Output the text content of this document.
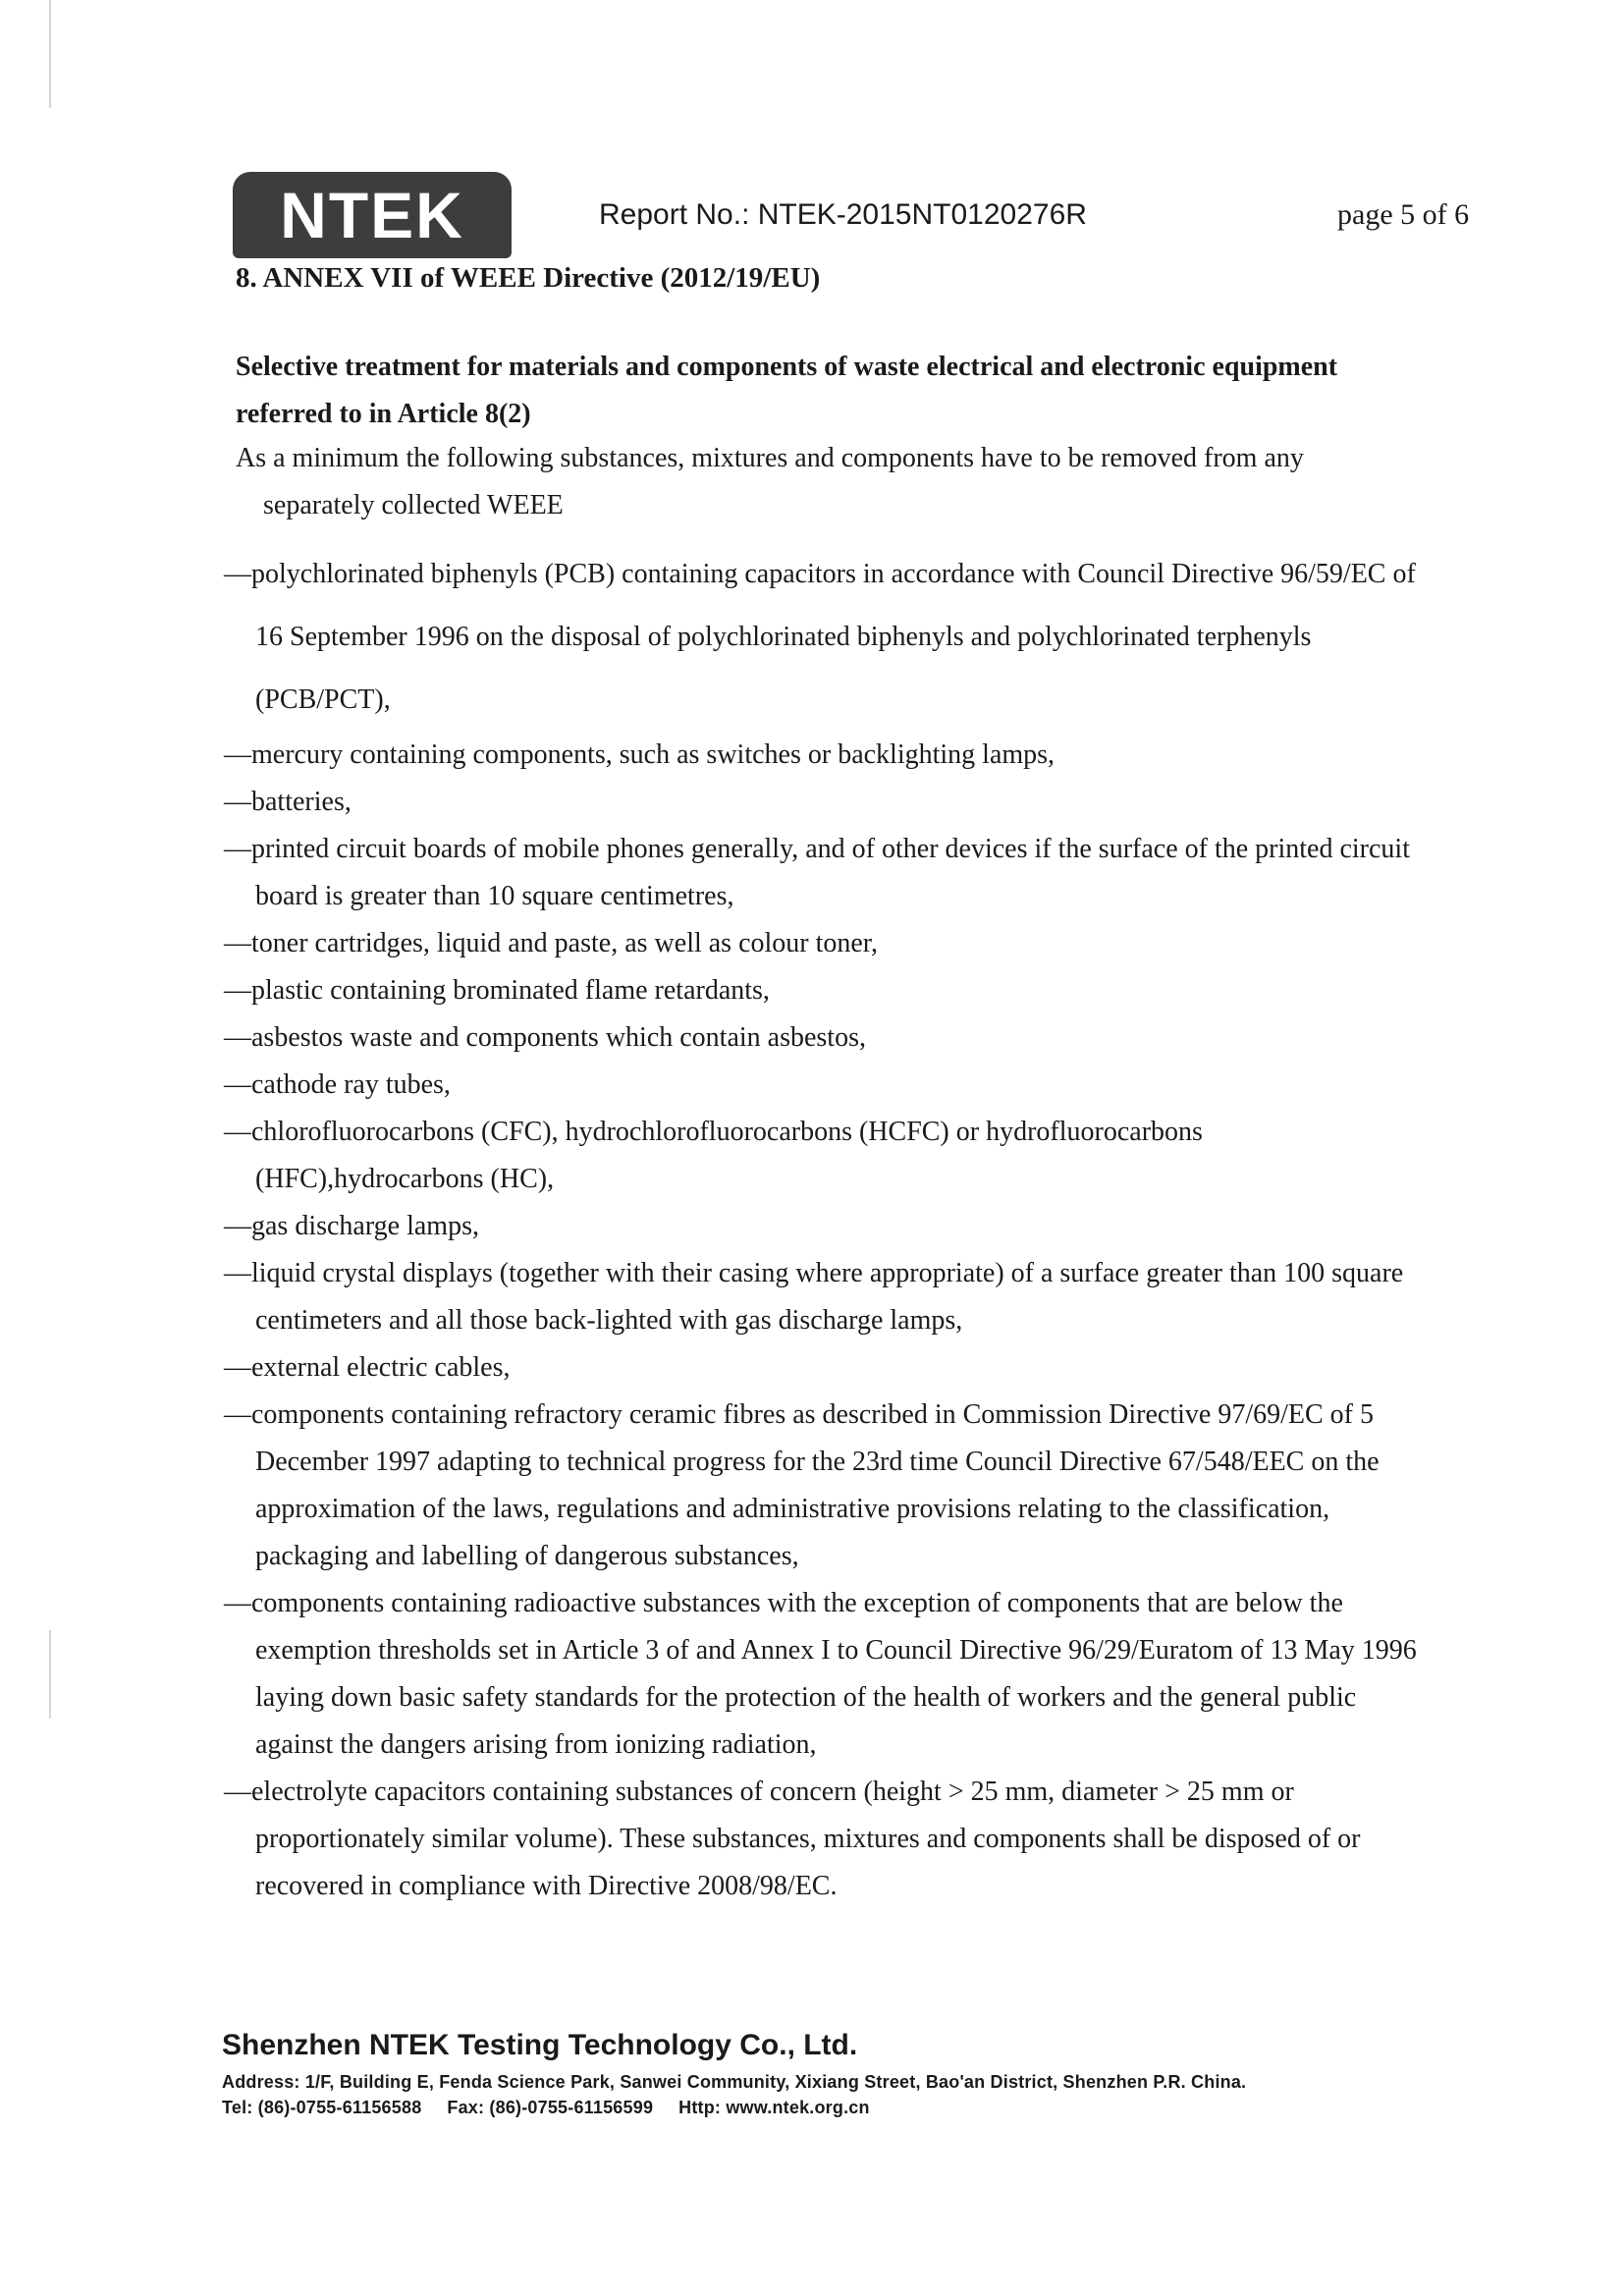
NTEK	Report No.: NTEK-2015NT0120276R	page 5 of 6
8. ANNEX VII of WEEE Directive (2012/19/EU)
Selective treatment for materials and components of waste electrical and electronic equipment referred to in Article 8(2)
As a minimum the following substances, mixtures and components have to be removed from any separately collected WEEE
—polychlorinated biphenyls (PCB) containing capacitors in accordance with Council Directive 96/59/EC of 16 September 1996 on the disposal of polychlorinated biphenyls and polychlorinated terphenyls (PCB/PCT),
—mercury containing components, such as switches or backlighting lamps,
—batteries,
—printed circuit boards of mobile phones generally, and of other devices if the surface of the printed circuit board is greater than 10 square centimetres,
—toner cartridges, liquid and paste, as well as colour toner,
—plastic containing brominated flame retardants,
—asbestos waste and components which contain asbestos,
—cathode ray tubes,
—chlorofluorocarbons (CFC), hydrochlorofluorocarbons (HCFC) or hydrofluorocarbons (HFC),hydrocarbons (HC),
—gas discharge lamps,
—liquid crystal displays (together with their casing where appropriate) of a surface greater than 100 square centimeters and all those back-lighted with gas discharge lamps,
—external electric cables,
—components containing refractory ceramic fibres as described in Commission Directive 97/69/EC of 5 December 1997 adapting to technical progress for the 23rd time Council Directive 67/548/EEC on the approximation of the laws, regulations and administrative provisions relating to the classification, packaging and labelling of dangerous substances,
—components containing radioactive substances with the exception of components that are below the exemption thresholds set in Article 3 of and Annex I to Council Directive 96/29/Euratom of 13 May 1996 laying down basic safety standards for the protection of the health of workers and the general public against the dangers arising from ionizing radiation,
—electrolyte capacitors containing substances of concern (height > 25 mm, diameter > 25 mm or proportionately similar volume). These substances, mixtures and components shall be disposed of or recovered in compliance with Directive 2008/98/EC.
Shenzhen NTEK Testing Technology Co., Ltd.
Address: 1/F, Building E, Fenda Science Park, Sanwei Community, Xixiang Street, Bao'an District, Shenzhen P.R. China.
Tel: (86)-0755-61156588     Fax: (86)-0755-61156599     Http: www.ntek.org.cn
